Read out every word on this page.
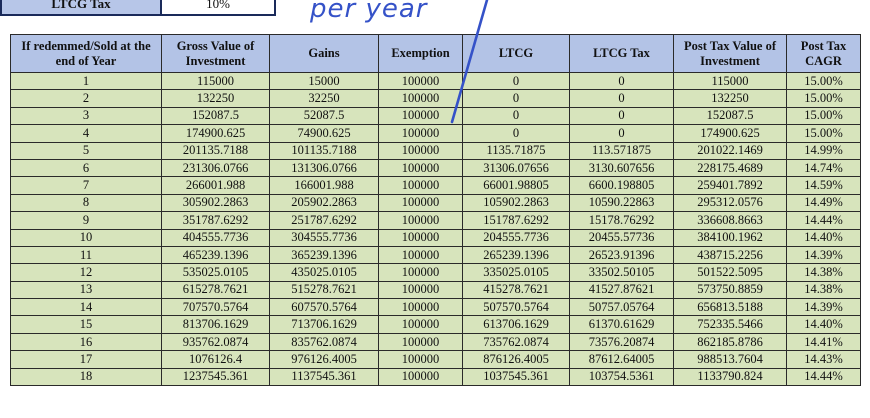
LTCG Tax	10%	per year
If redemmed/Sold at the end of Year	Gross Value of Investment	Gains	Exemption	LTCG	LTCG Tax	Post Tax Value of Investment	Post Tax CAGR
1	115000	15000	100000	0	0	115000	15.00%
2	132250	32250	100000	0	0	132250	15.00%
3	152087.5	52087.5	100000	0	0	152087.5	15.00%
4	174900.625	74900.625	100000	0	0	174900.625	15.00%
5	201135.7188	101135.7188	100000	1135.71875	113.571875	201022.1469	14.99%
6	231306.0766	131306.0766	100000	31306.07656	3130.607656	228175.4689	14.74%
7	266001.988	166001.988	100000	66001.98805	6600.198805	259401.7892	14.59%
8	305902.2863	205902.2863	100000	105902.2863	10590.22863	295312.0576	14.49%
9	351787.6292	251787.6292	100000	151787.6292	15178.76292	336608.8663	14.44%
10	404555.7736	304555.7736	100000	204555.7736	20455.57736	384100.1962	14.40%
11	465239.1396	365239.1396	100000	265239.1396	26523.91396	438715.2256	14.39%
12	535025.0105	435025.0105	100000	335025.0105	33502.50105	501522.5095	14.38%
13	615278.7621	515278.7621	100000	415278.7621	41527.87621	573750.8859	14.38%
14	707570.5764	607570.5764	100000	507570.5764	50757.05764	656813.5188	14.39%
15	813706.1629	713706.1629	100000	613706.1629	61370.61629	752335.5466	14.40%
16	935762.0874	835762.0874	100000	735762.0874	73576.20874	862185.8786	14.41%
17	1076126.4	976126.4005	100000	876126.4005	87612.64005	988513.7604	14.43%
18	1237545.361	1137545.361	100000	1037545.361	103754.5361	1133790.824	14.44%
